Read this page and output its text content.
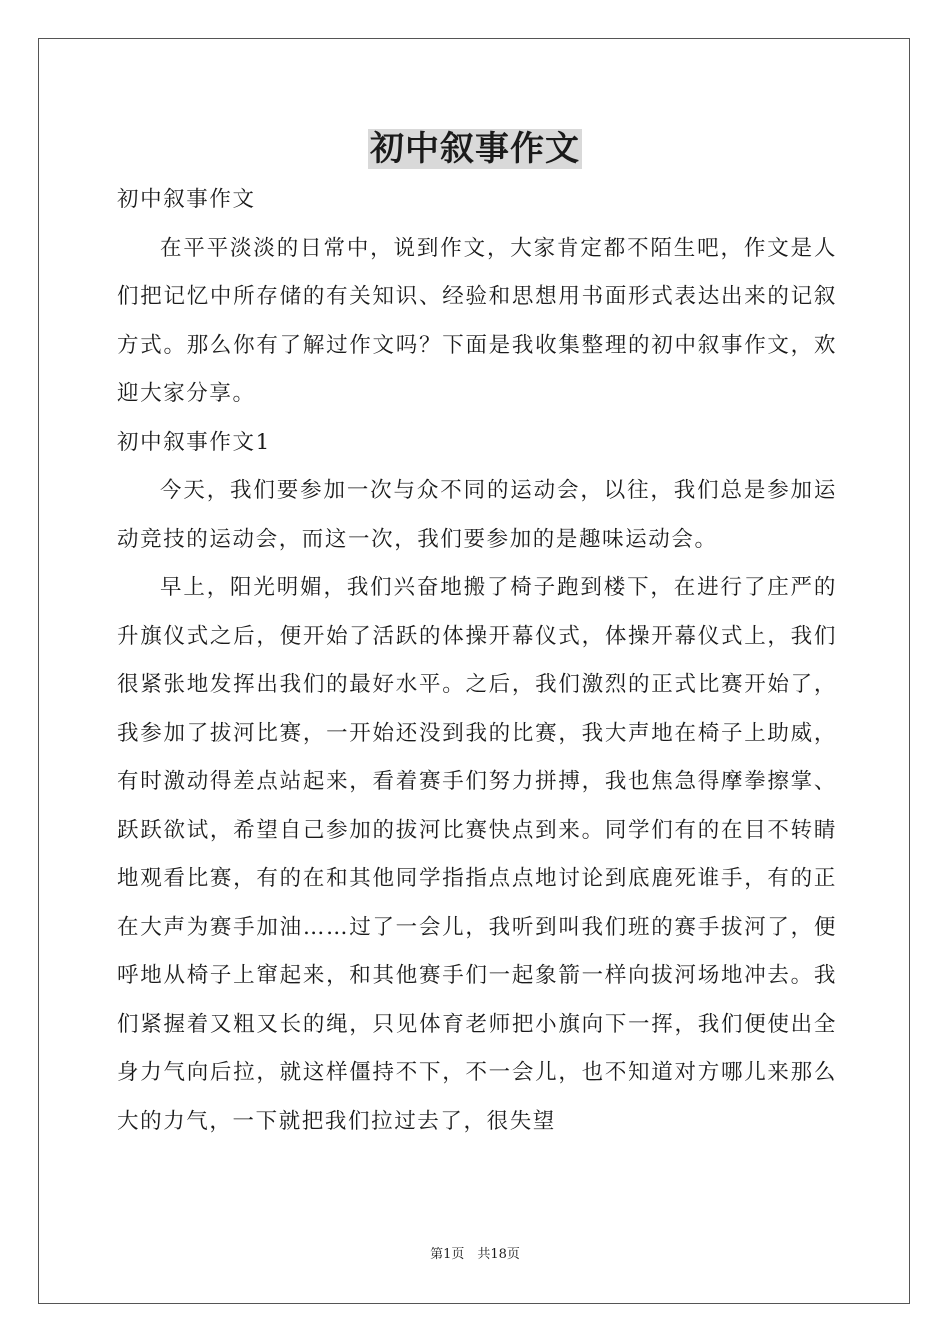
初中叙事作文

初中叙事作文

在平平淡淡的日常中，说到作文，大家肯定都不陌生吧，作文是人们把记忆中所存储的有关知识、经验和思想用书面形式表达出来的记叙方式。那么你有了解过作文吗？下面是我收集整理的初中叙事作文，欢迎大家分享。

初中叙事作文1

今天，我们要参加一次与众不同的运动会，以往，我们总是参加运动竞技的运动会，而这一次，我们要参加的是趣味运动会。

早上，阳光明媚，我们兴奋地搬了椅子跑到楼下，在进行了庄严的升旗仪式之后，便开始了活跃的体操开幕仪式，体操开幕仪式上，我们很紧张地发挥出我们的最好水平。之后，我们激烈的正式比赛开始了，我参加了拔河比赛，一开始还没到我的比赛，我大声地在椅子上助威，有时激动得差点站起来，看着赛手们努力拼搏，我也焦急得摩拳擦掌、跃跃欲试，希望自己参加的拔河比赛快点到来。同学们有的在目不转睛地观看比赛，有的在和其他同学指指点点地讨论到底鹿死谁手，有的正在大声为赛手加油……过了一会儿，我听到叫我们班的赛手拔河了，便呼地从椅子上窜起来，和其他赛手们一起象箭一样向拔河场地冲去。我们紧握着又粗又长的绳，只见体育老师把小旗向下一挥，我们便使出全身力气向后拉，就这样僵持不下，不一会儿，也不知道对方哪儿来那么大的力气，一下就把我们拉过去了，很失望

第1页　共18页
